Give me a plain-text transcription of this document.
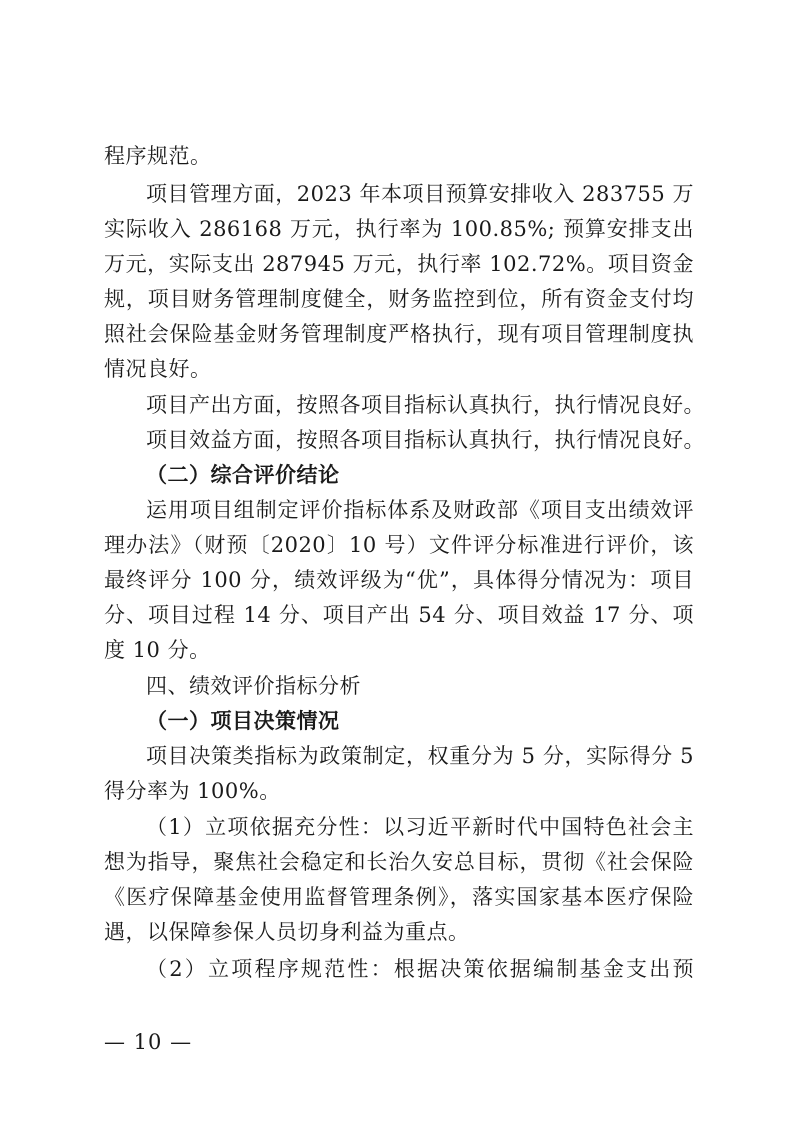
程序规范。
项目管理方面，2023 年本项目预算安排收入 283755 万
实际收入 286168 万元，执行率为 100.85%; 预算安排支出
万元，实际支出 287945 万元，执行率 102.72%。项目资金
规，项目财务管理制度健全，财务监控到位，所有资金支付均
照社会保险基金财务管理制度严格执行，现有项目管理制度执
情况良好。
项目产出方面，按照各项目指标认真执行，执行情况良好。
项目效益方面，按照各项目指标认真执行，执行情况良好。
（二）综合评价结论
运用项目组制定评价指标体系及财政部《项目支出绩效评
理办法》（财预〔2020〕10 号）文件评分标准进行评价，该
最终评分 100 分，绩效评级为“优”，具体得分情况为：项目
分、项目过程 14 分、项目产出 54 分、项目效益 17 分、项
度 10 分。
四、绩效评价指标分析
（一）项目决策情况
项目决策类指标为政策制定，权重分为 5 分，实际得分 5
得分率为 100%。
（1）立项依据充分性：以习近平新时代中国特色社会主
想为指导，聚焦社会稳定和长治久安总目标，贯彻《社会保险
《医疗保障基金使用监督管理条例》，落实国家基本医疗保险
遇，以保障参保人员切身利益为重点。
（2）立项程序规范性：根据决策依据编制基金支出预
— 10 —
